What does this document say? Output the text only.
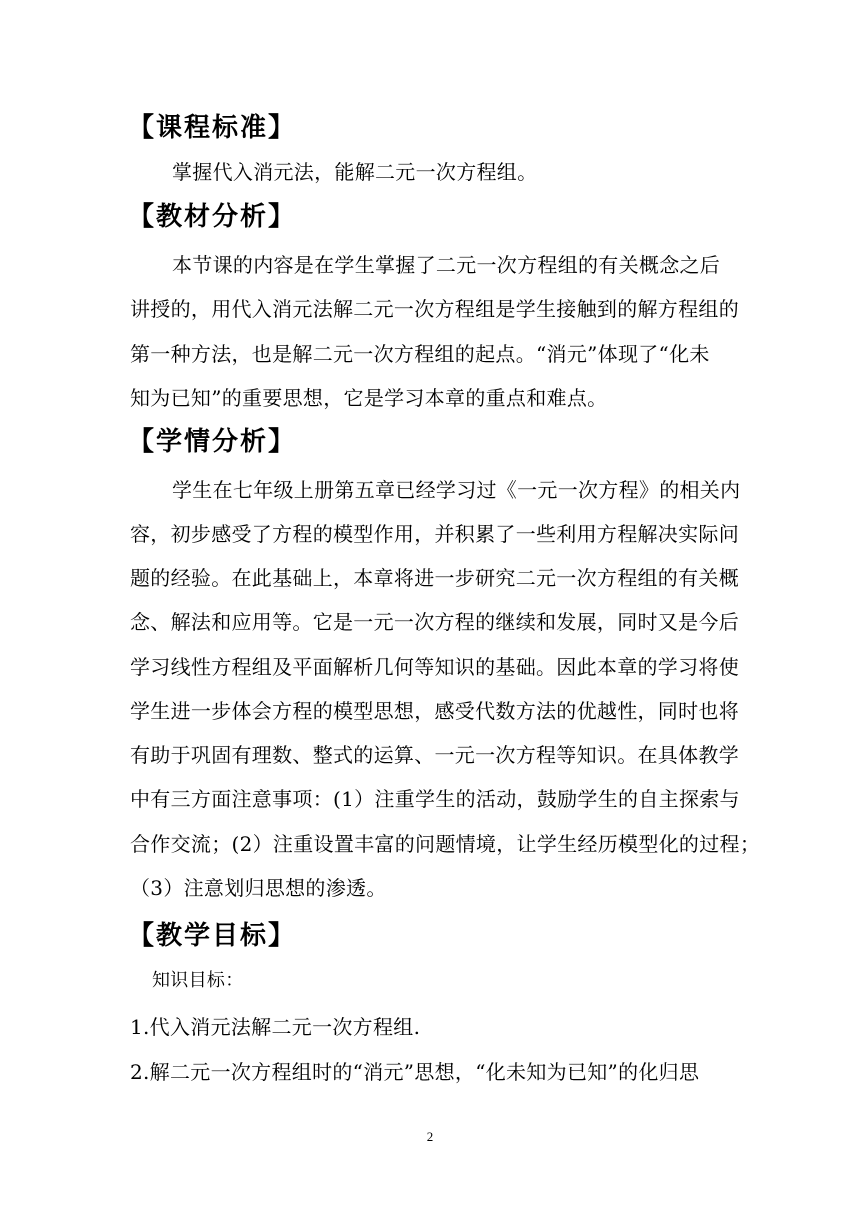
【课程标准】
掌握代入消元法，能解二元一次方程组。
【教材分析】
本节课的内容是在学生掌握了二元一次方程组的有关概念之后
讲授的，用代入消元法解二元一次方程组是学生接触到的解方程组的
第一种方法，也是解二元一次方程组的起点。“消元”体现了“化未
知为已知”的重要思想，它是学习本章的重点和难点。
【学情分析】
学生在七年级上册第五章已经学习过《一元一次方程》的相关内
容，初步感受了方程的模型作用，并积累了一些利用方程解决实际问
题的经验。在此基础上，本章将进一步研究二元一次方程组的有关概
念、解法和应用等。它是一元一次方程的继续和发展，同时又是今后
学习线性方程组及平面解析几何等知识的基础。因此本章的学习将使
学生进一步体会方程的模型思想，感受代数方法的优越性，同时也将
有助于巩固有理数、整式的运算、一元一次方程等知识。在具体教学
中有三方面注意事项：(1）注重学生的活动，鼓励学生的自主探索与
合作交流；(2）注重设置丰富的问题情境，让学生经历模型化的过程；
（3）注意划归思想的渗透。
【教学目标】
知识目标：
1.代入消元法解二元一次方程组.
2.解二元一次方程组时的“消元”思想，“化未知为已知”的化归思
2
